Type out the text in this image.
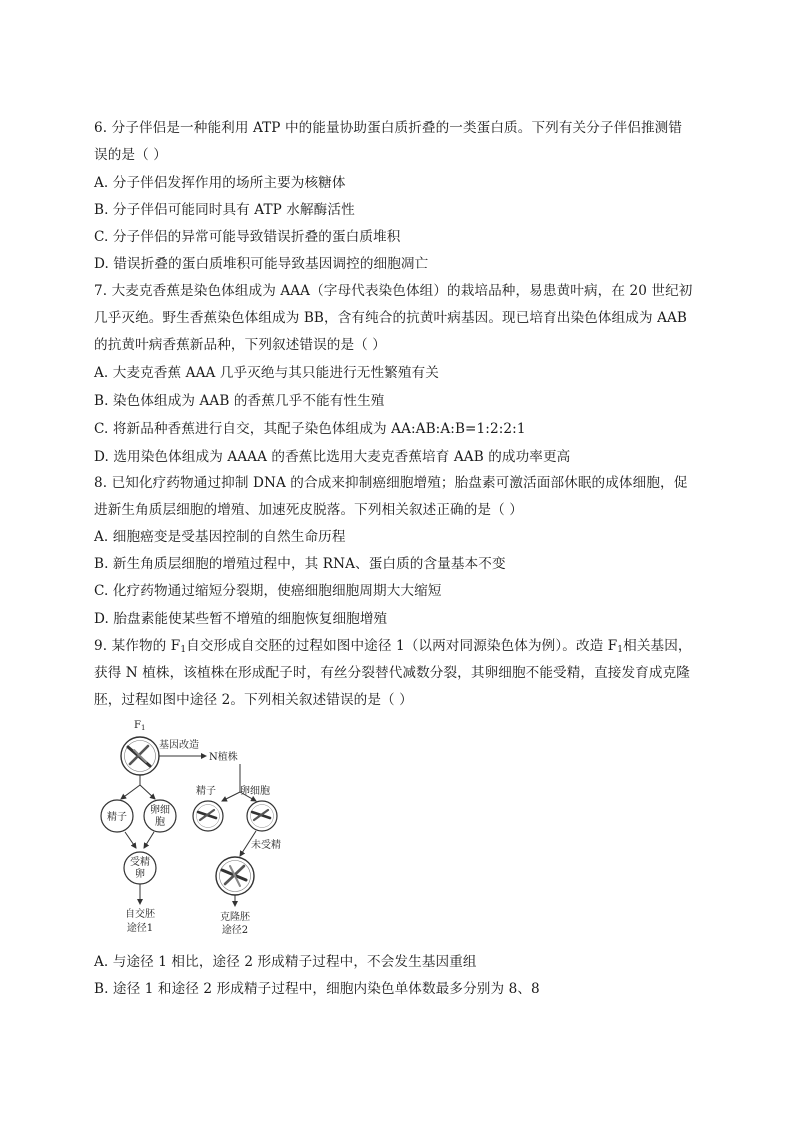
6. 分子伴侣是一种能利用 ATP 中的能量协助蛋白质折叠的一类蛋白质。下列有关分子伴侣推测错
误的是（ ）
A. 分子伴侣发挥作用的场所主要为核糖体
B. 分子伴侣可能同时具有 ATP 水解酶活性
C. 分子伴侣的异常可能导致错误折叠的蛋白质堆积
D. 错误折叠的蛋白质堆积可能导致基因调控的细胞凋亡
7. 大麦克香蕉是染色体组成为 AAA（字母代表染色体组）的栽培品种，易患黄叶病，在 20 世纪初
几乎灭绝。野生香蕉染色体组成为 BB，含有纯合的抗黄叶病基因。现已培育出染色体组成为 AAB
的抗黄叶病香蕉新品种，下列叙述错误的是（ ）
A. 大麦克香蕉 AAA 几乎灭绝与其只能进行无性繁殖有关
B. 染色体组成为 AAB 的香蕉几乎不能有性生殖
C. 将新品种香蕉进行自交，其配子染色体组成为 AA:AB:A:B=1:2:2:1
D. 选用染色体组成为 AAAA 的香蕉比选用大麦克香蕉培育 AAB 的成功率更高
8. 已知化疗药物通过抑制 DNA 的合成来抑制癌细胞增殖；胎盘素可激活面部休眠的成体细胞，促
进新生角质层细胞的增殖、加速死皮脱落。下列相关叙述正确的是（ ）
A. 细胞癌变是受基因控制的自然生命历程
B. 新生角质层细胞的增殖过程中，其 RNA、蛋白质的含量基本不变
C. 化疗药物通过缩短分裂期，使癌细胞细胞周期大大缩短
D. 胎盘素能使某些暂不增殖的细胞恢复细胞增殖
9. 某作物的 $F_1$自交形成自交胚的过程如图中途径 1（以两对同源染色体为例）。改造 $F_1$相关基因，
获得 N 植株，该植株在形成配子时，有丝分裂替代减数分裂，其卵细胞不能受精，直接发育成克隆
胚，过程如图中途径 2。下列相关叙述错误的是（ ）
$F_1$
基因改造
N植株
精子
卵细
胞
受精
卵
自交胚
途径1
精子 卵细胞
未受精
克隆胚
途径2
A. 与途径 1 相比，途径 2 形成精子过程中，不会发生基因重组
B. 途径 1 和途径 2 形成精子过程中，细胞内染色单体数最多分别为 8、8
